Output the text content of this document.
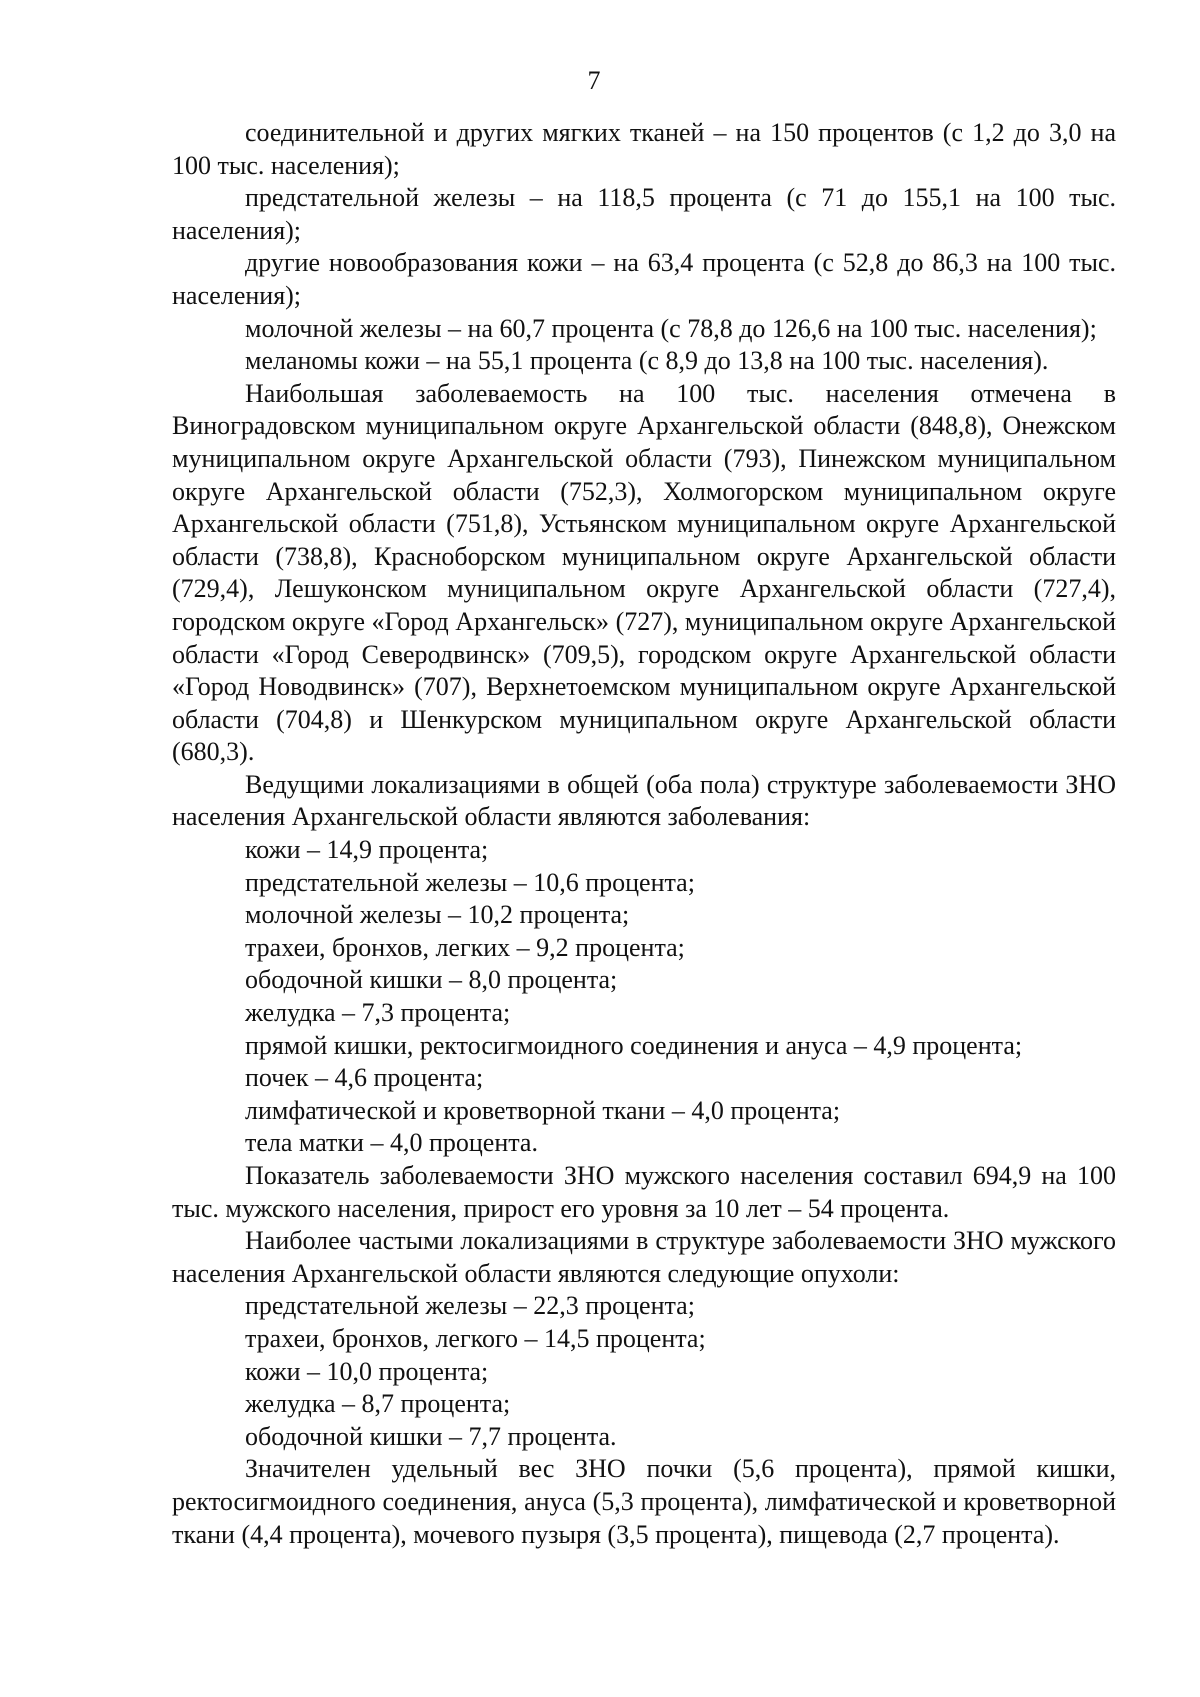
7

соединительной и других мягких тканей – на 150 процентов (с 1,2 до 3,0 на 100 тыс. населения);

предстательной железы – на 118,5 процента (с 71 до 155,1 на 100 тыс. населения);

другие новообразования кожи – на 63,4 процента (с 52,8 до 86,3 на 100 тыс. населения);

молочной железы – на 60,7 процента (с 78,8 до 126,6 на 100 тыс. населения);

меланомы кожи – на 55,1 процента (с 8,9 до 13,8 на 100 тыс. населения).

Наибольшая заболеваемость на 100 тыс. населения отмечена в Виноградовском муниципальном округе Архангельской области (848,8), Онежском муниципальном округе Архангельской области (793), Пинежском муниципальном округе Архангельской области (752,3), Холмогорском муниципальном округе Архангельской области (751,8), Устьянском муниципальном округе Архангельской области (738,8), Красноборском муниципальном округе Архангельской области (729,4), Лешуконском муниципальном округе Архангельской области (727,4), городском округе «Город Архангельск» (727), муниципальном округе Архангельской области «Город Северодвинск» (709,5), городском округе Архангельской области «Город Новодвинск» (707), Верхнетоемском муниципальном округе Архангельской области (704,8) и Шенкурском муниципальном округе Архангельской области (680,3).

Ведущими локализациями в общей (оба пола) структуре заболеваемости ЗНО населения Архангельской области являются заболевания:

кожи – 14,9 процента;

предстательной железы – 10,6 процента;

молочной железы – 10,2 процента;

трахеи, бронхов, легких – 9,2 процента;

ободочной кишки – 8,0 процента;

желудка – 7,3 процента;

прямой кишки, ректосигмоидного соединения и ануса – 4,9 процента;

почек – 4,6 процента;

лимфатической и кроветворной ткани – 4,0 процента;

тела матки – 4,0 процента.

Показатель заболеваемости ЗНО мужского населения составил 694,9 на 100 тыс. мужского населения, прирост его уровня за 10 лет – 54 процента.

Наиболее частыми локализациями в структуре заболеваемости ЗНО мужского населения Архангельской области являются следующие опухоли:

предстательной железы – 22,3 процента;

трахеи, бронхов, легкого – 14,5 процента;

кожи – 10,0 процента;

желудка – 8,7 процента;

ободочной кишки – 7,7 процента.

Значителен удельный вес ЗНО почки (5,6 процента), прямой кишки, ректосигмоидного соединения, ануса (5,3 процента), лимфатической и кроветворной ткани (4,4 процента), мочевого пузыря (3,5 процента), пищевода (2,7 процента).
